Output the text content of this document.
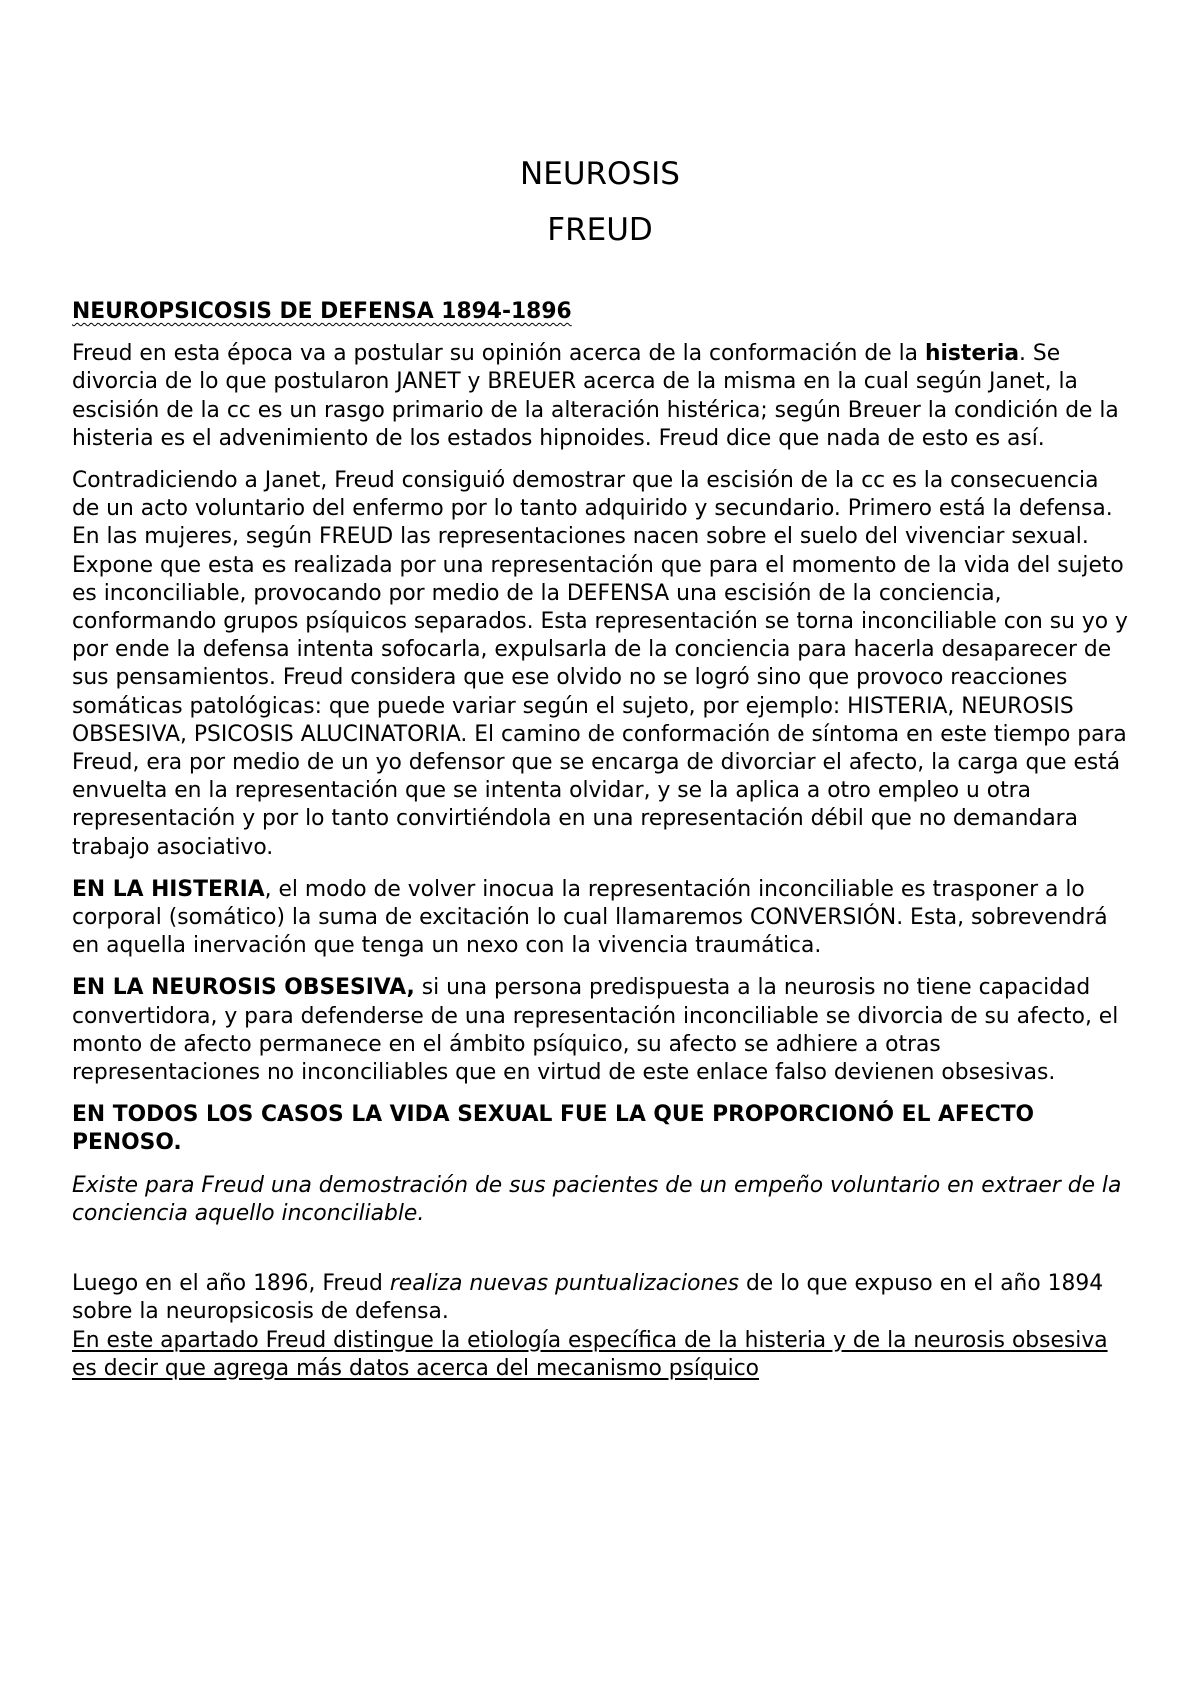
NEUROSIS
FREUD
NEUROPSICOSIS DE DEFENSA 1894-1896

Freud en esta época va a postular su opinión acerca de la conformación de la histeria. Se divorcia de lo que postularon JANET y BREUER acerca de la misma en la cual según Janet, la escisión de la cc es un rasgo primario de la alteración histérica; según Breuer la condición de la histeria es el advenimiento de los estados hipnoides. Freud dice que nada de esto es así.

Contradiciendo a Janet, Freud consiguió demostrar que la escisión de la cc es la consecuencia de un acto voluntario del enfermo por lo tanto adquirido y secundario. Primero está la defensa. En las mujeres, según FREUD las representaciones nacen sobre el suelo del vivenciar sexual.

Expone que esta es realizada por una representación que para el momento de la vida del sujeto es inconciliable, provocando por medio de la DEFENSA una escisión de la conciencia, conformando grupos psíquicos separados. Esta representación se torna inconciliable con su yo y por ende la defensa intenta sofocarla, expulsarla de la conciencia para hacerla desaparecer de sus pensamientos. Freud considera que ese olvido no se logró sino que provoco reacciones somáticas patológicas: que puede variar según el sujeto, por ejemplo: HISTERIA, NEUROSIS OBSESIVA, PSICOSIS ALUCINATORIA. El camino de conformación de síntoma en este tiempo para Freud, era por medio de un yo defensor que se encarga de divorciar el afecto, la carga que está envuelta en la representación que se intenta olvidar, y se la aplica a otro empleo u otra representación y por lo tanto convirtiéndola en una representación débil que no demandara trabajo asociativo.

EN LA HISTERIA, el modo de volver inocua la representación inconciliable es trasponer a lo corporal (somático) la suma de excitación lo cual llamaremos CONVERSIÓN. Esta, sobrevendrá en aquella inervación que tenga un nexo con la vivencia traumática.

EN LA NEUROSIS OBSESIVA, si una persona predispuesta a la neurosis no tiene capacidad convertidora, y para defenderse de una representación inconciliable se divorcia de su afecto, el monto de afecto permanece en el ámbito psíquico, su afecto se adhiere a otras representaciones no inconciliables que en virtud de este enlace falso devienen obsesivas.

EN TODOS LOS CASOS LA VIDA SEXUAL FUE LA QUE PROPORCIONÓ EL AFECTO PENOSO.

Existe para Freud una demostración de sus pacientes de un empeño voluntario en extraer de la conciencia aquello inconciliable.

Luego en el año 1896, Freud realiza nuevas puntualizaciones de lo que expuso en el año 1894 sobre la neuropsicosis de defensa.

En este apartado Freud distingue la etiología específica de la histeria y de la neurosis obsesiva es decir que agrega más datos acerca del mecanismo psíquico
